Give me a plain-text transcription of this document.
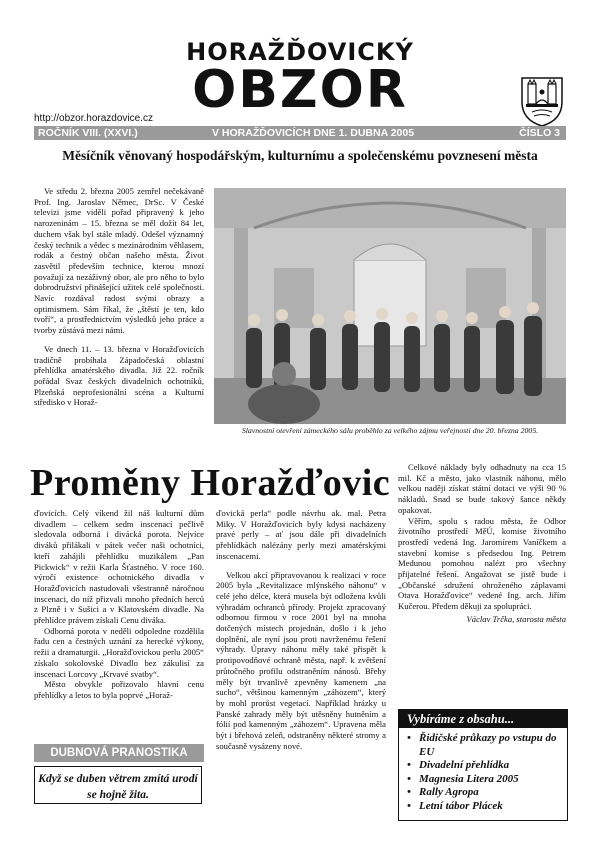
HORAŽĎOVICKÝ
OBZOR
http://obzor.horazdovice.cz
ROČNÍK VIII. (XXVI.)	V HORAŽĎOVICÍCH DNE 1. DUBNA 2005	ČÍSLO 3
Měsíčník věnovaný hospodářským, kulturnímu a společenskému povznesení města

Ve středu 2. března 2005 zemřel nečekávaně Prof. Ing. Jaroslav Němec, DrSc. V České televizi jsme viděli pořad připravený k jeho narozeninám – 15. března se měl dožít 84 let, duchem však byl stále mladý. Odešel významný český technik a vědec s mezinárodním věhlasem, rodák a čestný občan našeho města. Život zasvětil především technice, kterou mnozí považují za nezáživný obor, ale pro něho to bylo dobrodružství přinášející užitek celé společnosti. Navíc rozdával radost svými obrazy a optimismem. Sám říkal, že „štěstí je ten, kdo tvoří“, a prostřednictvím výsledků jeho práce a tvorby zůstává mezi námi.

Ve dnech 11. – 13. března v Horažďovicích tradičně probíhala Západočeská oblastní přehlídka amatérského divadla. Již 22. ročník pořádal Svaz českých divadelních ochotníků, Plzeňská neprofesionální scéna a Kulturní středisko v Horaž-

Slavnostní otevření zámeckého sálu proběhlo za velkého zájmu veřejnosti dne 20. března 2005.
Proměny Horažďovic

ďovicích. Celý víkend žil náš kulturní dům divadlem – celkem sedm inscenací pečlivě sledovala odborná i divácká porota. Nejvíce diváků přilákali v pátek večer naši ochotníci, kteří zahájili přehlídku muzikálem „Pan Pickwick“ v režii Karla Šťastného. V roce 160. výročí existence ochotnického divadla v Horažďovicích nastudovali všestranně náročnou inscenaci, do níž přizvali mnoho předních herců z Plzně i v Sušici a v Klatovském divadle. Na přehlídce právem získali Cenu diváka.

Odborná porota v neděli odpoledne rozdělila řadu cen a čestných uznání za herecké výkony, režii a dramaturgii. „Horažďovickou perlu 2005“ získalo sokolovské Divadlo bez zákulisí za inscenaci Lorcovy „Krvavé svatby“.

Město obvykle pořizovalo hlavní cenu přehlídky a letos to byla poprvé „Horaž-

ďovická perla“ podle návrhu ak. mal. Petra Miky. V Horažďovicích byly kdysi nacházeny pravé perly – ať jsou dále při divadelních přehlídkách nalézány perly mezi amatérskými inscenacemi.

Velkou akcí připravovanou k realizaci v roce 2005 byla „Revitalizace mlýnského náhonu“ v celé jeho délce, která musela být odložena kvůli výhradám ochranců přírody. Projekt zpracovaný odbornou firmou v roce 2001 byl na mnoha dotčených místech projednán, došlo i k jeho doplnění, ale nyní jsou proti navrženému řešení výhrady. Úpravy náhonu měly také přispět k protipovodňové ochraně města, např. k zvětšení průtočného profilu odstraněním nánosů. Břehy měly být trvanlivě zpevněny kamenem „na sucho“, většinou kamenným „záhozem“, který by mohl prorůst vegetací. Například hrázky u Panské zahrady měly být utěsněny hutněním a fólií pod kamenným „záhozem“. Upravena měla být i břehová zeleň, odstraněny některé stromy a současně vysázeny nové.

Celkové náklady byly odhadnuty na cca 15 mil. Kč a město, jako vlastník náhonu, mělo velkou naději získat státní dotaci ve výši 90 % nákladů. Snad se bude takový šance někdy opakovat.

Věřím, spolu s radou města, že Odbor životního prostředí MěÚ, komise životního prostředí vedená Ing. Jaromírem Vaníčkem a stavební komise s předsedou Ing. Petrem Medunou pomohou nalézt pro všechny přijatelné řešení. Angažovat se jistě bude i „Občanské sdružení ohroženého záplavami Otava Horažďovice“ vedené Ing. arch. Jiřím Kučerou. Předem děkuji za spolupráci.

Václav Trčka, starosta města
DUBNOVÁ PRANOSTIKA
Když se duben větrem zmítá urodí se hojně žita.
Vybíráme z obsahu...
• Řidičské průkazy po vstupu do EU
• Divadelní přehlídka
• Magnesia Litera 2005
• Rally Agropa
• Letní tábor Plácek
